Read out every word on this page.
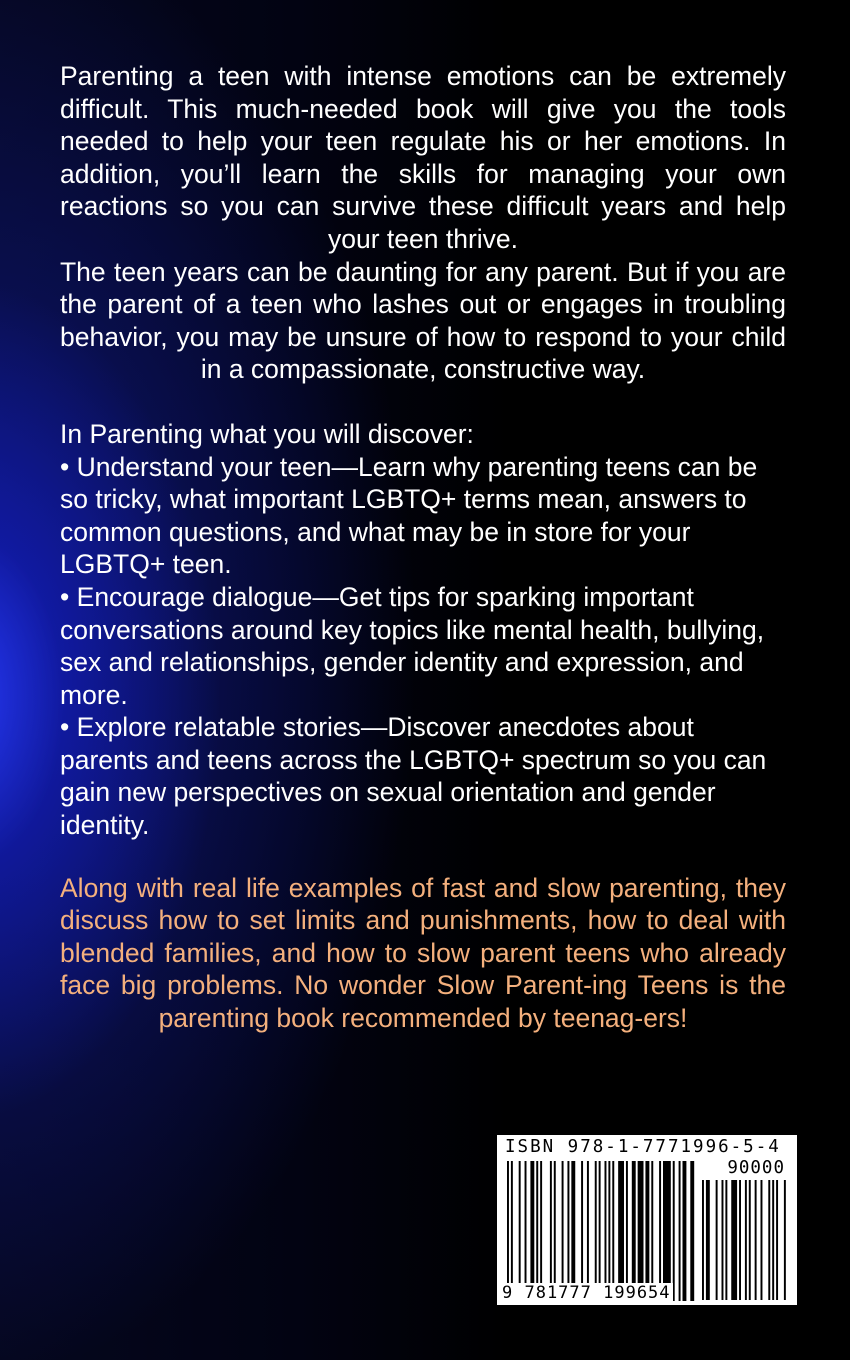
Parenting a teen with intense emotions can be extremely difficult. This much-needed book will give you the tools needed to help your teen regulate his or her emotions. In addition, you’ll learn the skills for managing your own reactions so you can survive these difficult years and help your teen thrive.

The teen years can be daunting for any parent. But if you are the parent of a teen who lashes out or engages in troubling behavior, you may be unsure of how to respond to your child in a compassionate, constructive way.

In Parenting what you will discover:

• Understand your teen—Learn why parenting teens can be so tricky, what important LGBTQ+ terms mean, answers to common questions, and what may be in store for your LGBTQ+ teen.

• Encourage dialogue—Get tips for sparking important conversations around key topics like mental health, bullying, sex and relationships, gender identity and expression, and more.

• Explore relatable stories—Discover anecdotes about parents and teens across the LGBTQ+ spectrum so you can gain new perspectives on sexual orientation and gender identity.

Along with real life examples of fast and slow parenting, they discuss how to set limits and punishments, how to deal with blended families, and how to slow parent teens who already face big problems. No wonder Slow Parent-ing Teens is the parenting book recommended by teenag-ers!

ISBN 978-1-7771996-5-4
90000
9 781777 199654
